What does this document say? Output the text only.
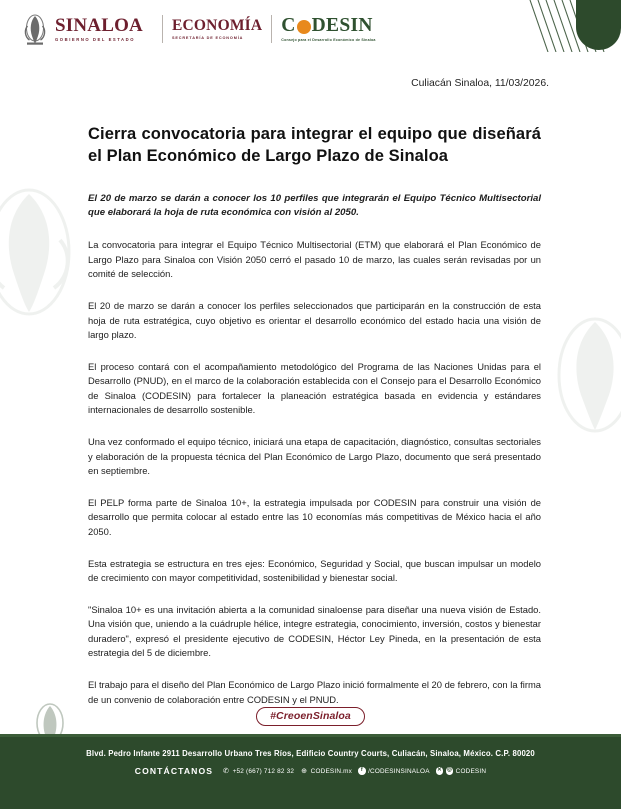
SINALOA
GOBIERNO DEL ESTADO
ECONOMÍA
SECRETARÍA DE ECONOMÍA
C DESIN
Consejo para el Desarrollo Económico de Sinaloa
Culiacán Sinaloa, 11/03/2026.
Cierra convocatoria para integrar el equipo que diseñará el Plan Económico de Largo Plazo de Sinaloa
El 20 de marzo se darán a conocer los 10 perfiles que integrarán el Equipo Técnico Multisectorial que elaborará la hoja de ruta económica con visión al 2050.

La convocatoria para integrar el Equipo Técnico Multisectorial (ETM) que elaborará el Plan Económico de Largo Plazo para Sinaloa con Visión 2050 cerró el pasado 10 de marzo, las cuales serán revisadas por un comité de selección.

El 20 de marzo se darán a conocer los perfiles seleccionados que participarán en la construcción de esta hoja de ruta estratégica, cuyo objetivo es orientar el desarrollo económico del estado hacia una visión de largo plazo.

El proceso contará con el acompañamiento metodológico del Programa de las Naciones Unidas para el Desarrollo (PNUD), en el marco de la colaboración establecida con el Consejo para el Desarrollo Económico de Sinaloa (CODESIN) para fortalecer la planeación estratégica basada en evidencia y estándares internacionales de desarrollo sostenible.

Una vez conformado el equipo técnico, iniciará una etapa de capacitación, diagnóstico, consultas sectoriales y elaboración de la propuesta técnica del Plan Económico de Largo Plazo, documento que será presentado en septiembre.

El PELP forma parte de Sinaloa 10+, la estrategia impulsada por CODESIN para construir una visión de desarrollo que permita colocar al estado entre las 10 economías más competitivas de México hacia el año 2050.

Esta estrategia se estructura en tres ejes: Económico, Seguridad y Social, que buscan impulsar un modelo de crecimiento con mayor competitividad, sostenibilidad y bienestar social.

"Sinaloa 10+ es una invitación abierta a la comunidad sinaloense para diseñar una nueva visión de Estado. Una visión que, uniendo a la cuádruple hélice, integre estrategia, conocimiento, inversión, costos y bienestar duradero", expresó el presidente ejecutivo de CODESIN, Héctor Ley Pineda, en la presentación de esta estrategia del 5 de diciembre.

El trabajo para el diseño del Plan Económico de Largo Plazo inició formalmente el 20 de febrero, con la firma de un convenio de colaboración entre CODESIN y el PNUD.

#CreoenSinaloa
Blvd. Pedro Infante 2911 Desarrollo Urbano Tres Ríos, Edificio Country Courts, Culiacán, Sinaloa, México. C.P. 80020
CONTÁCTANOS ✆ +52 (667) 712 82 32 ⊕ CODESIN.mx	f /CODESINSINALOA ✕ ◎ CODESIN
